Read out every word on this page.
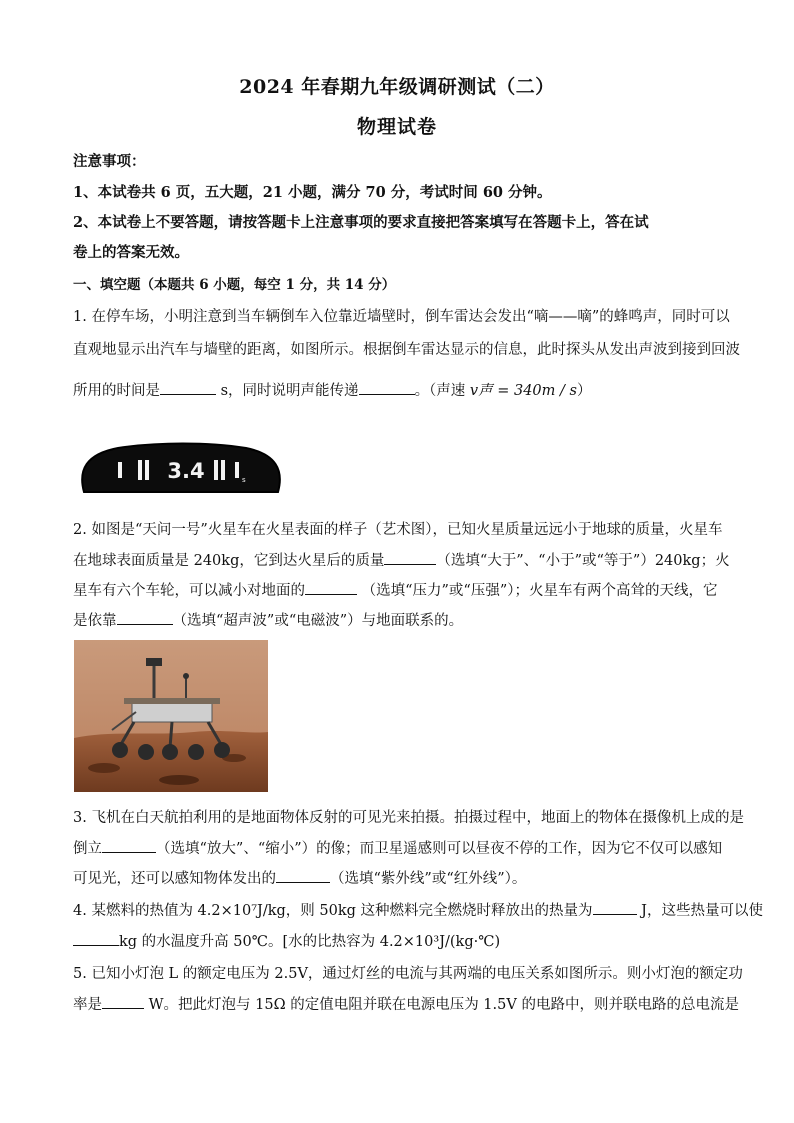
2024 年春期九年级调研测试（二）
物理试卷
注意事项：
1、本试卷共 6 页，五大题，21 小题，满分 70 分，考试时间 60 分钟。
2、本试卷上不要答题，请按答题卡上注意事项的要求直接把答案填写在答题卡上，答在试
卷上的答案无效。
一、填空题（本题共 6 小题，每空 1 分，共 14 分）
1. 在停车场，小明注意到当车辆倒车入位靠近墙壁时，倒车雷达会发出“嘀——嘀”的蜂鸣声，同时可以
直观地显示出汽车与墙壁的距离，如图所示。根据倒车雷达显示的信息，此时探头从发出声波到接到回波
所用的时间是	s，同时说明声能传递	。（声速 v声 = 340m / s）
3.4	s
2. 如图是“天问一号”火星车在火星表面的样子（艺术图），已知火星质量远远小于地球的质量，火星车
在地球表面质量是 240kg，它到达火星后的质量	（选填“大于”、“小于”或“等于”）240kg；火
星车有六个车轮，可以减小对地面的	（选填“压力”或“压强”）；火星车有两个高耸的天线，它
是依靠	（选填“超声波”或“电磁波”）与地面联系的。
3. 飞机在白天航拍利用的是地面物体反射的可见光来拍摄。拍摄过程中，地面上的物体在摄像机上成的是
倒立	（选填“放大”、“缩小”）的像；而卫星遥感则可以昼夜不停的工作，因为它不仅可以感知
可见光，还可以感知物体发出的	（选填“紫外线”或“红外线”）。
4. 某燃料的热值为 4.2×10⁷J/kg，则 50kg 这种燃料完全燃烧时释放出的热量为	J，这些热量可以使
kg 的水温度升高 50℃。[水的比热容为 4.2×10³J/(kg·℃)
5. 已知小灯泡 L 的额定电压为 2.5V，通过灯丝的电流与其两端的电压关系如图所示。则小灯泡的额定功
率是	W。把此灯泡与 15Ω 的定值电阻并联在电源电压为 1.5V 的电路中，则并联电路的总电流是
